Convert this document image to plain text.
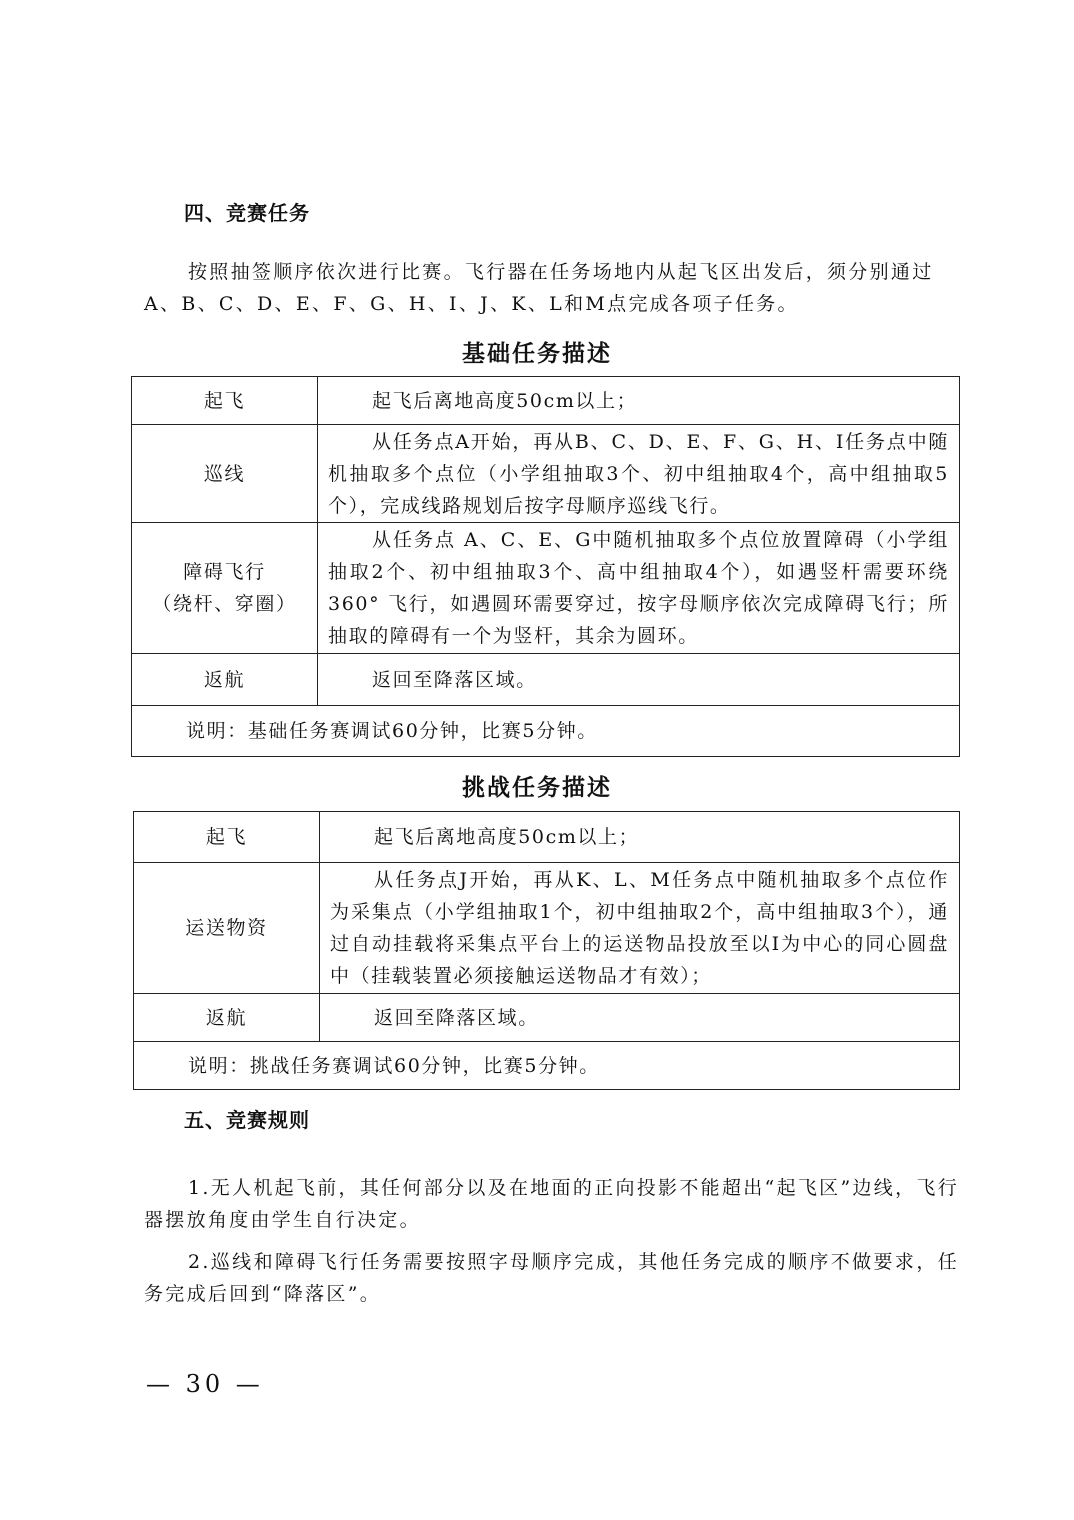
四、竞赛任务
按照抽签顺序依次进行比赛。飞行器在任务场地内从起飞区出发后，须分别通过
A、B、C、D、E、F、G、H、I、J、K、L和M点完成各项子任务。
基础任务描述
起飞	起飞后离地高度50cm以上；
巡线	从任务点A开始，再从B、C、D、E、F、G、H、I任务点中随机抽取多个点位（小学组抽取3个、初中组抽取4个，高中组抽取5个），完成线路规划后按字母顺序巡线飞行。

障碍飞行
（绕杆、穿圈）	从任务点 A、C、E、G中随机抽取多个点位放置障碍（小学组抽取2个、初中组抽取3个、高中组抽取4个），如遇竖杆需要环绕360° 飞行，如遇圆环需要穿过，按字母顺序依次完成障碍飞行；所抽取的障碍有一个为竖杆，其余为圆环。
返航	返回至降落区域。
说明：基础任务赛调试60分钟，比赛5分钟。	
挑战任务描述
起飞	起飞后离地高度50cm以上；
运送物资	从任务点J开始，再从K、L、M任务点中随机抽取多个点位作为采集点（小学组抽取1个，初中组抽取2个，高中组抽取3个），通过自动挂载将采集点平台上的运送物品投放至以I为中心的同心圆盘中（挂载装置必须接触运送物品才有效）；
返航	返回至降落区域。
说明：挑战任务赛调试60分钟，比赛5分钟。	
五、竞赛规则
1.无人机起飞前，其任何部分以及在地面的正向投影不能超出“起飞区”边线，飞行器摆放角度由学生自行决定。
2.巡线和障碍飞行任务需要按照字母顺序完成，其他任务完成的顺序不做要求，任务完成后回到“降落区”。
— 30 —
